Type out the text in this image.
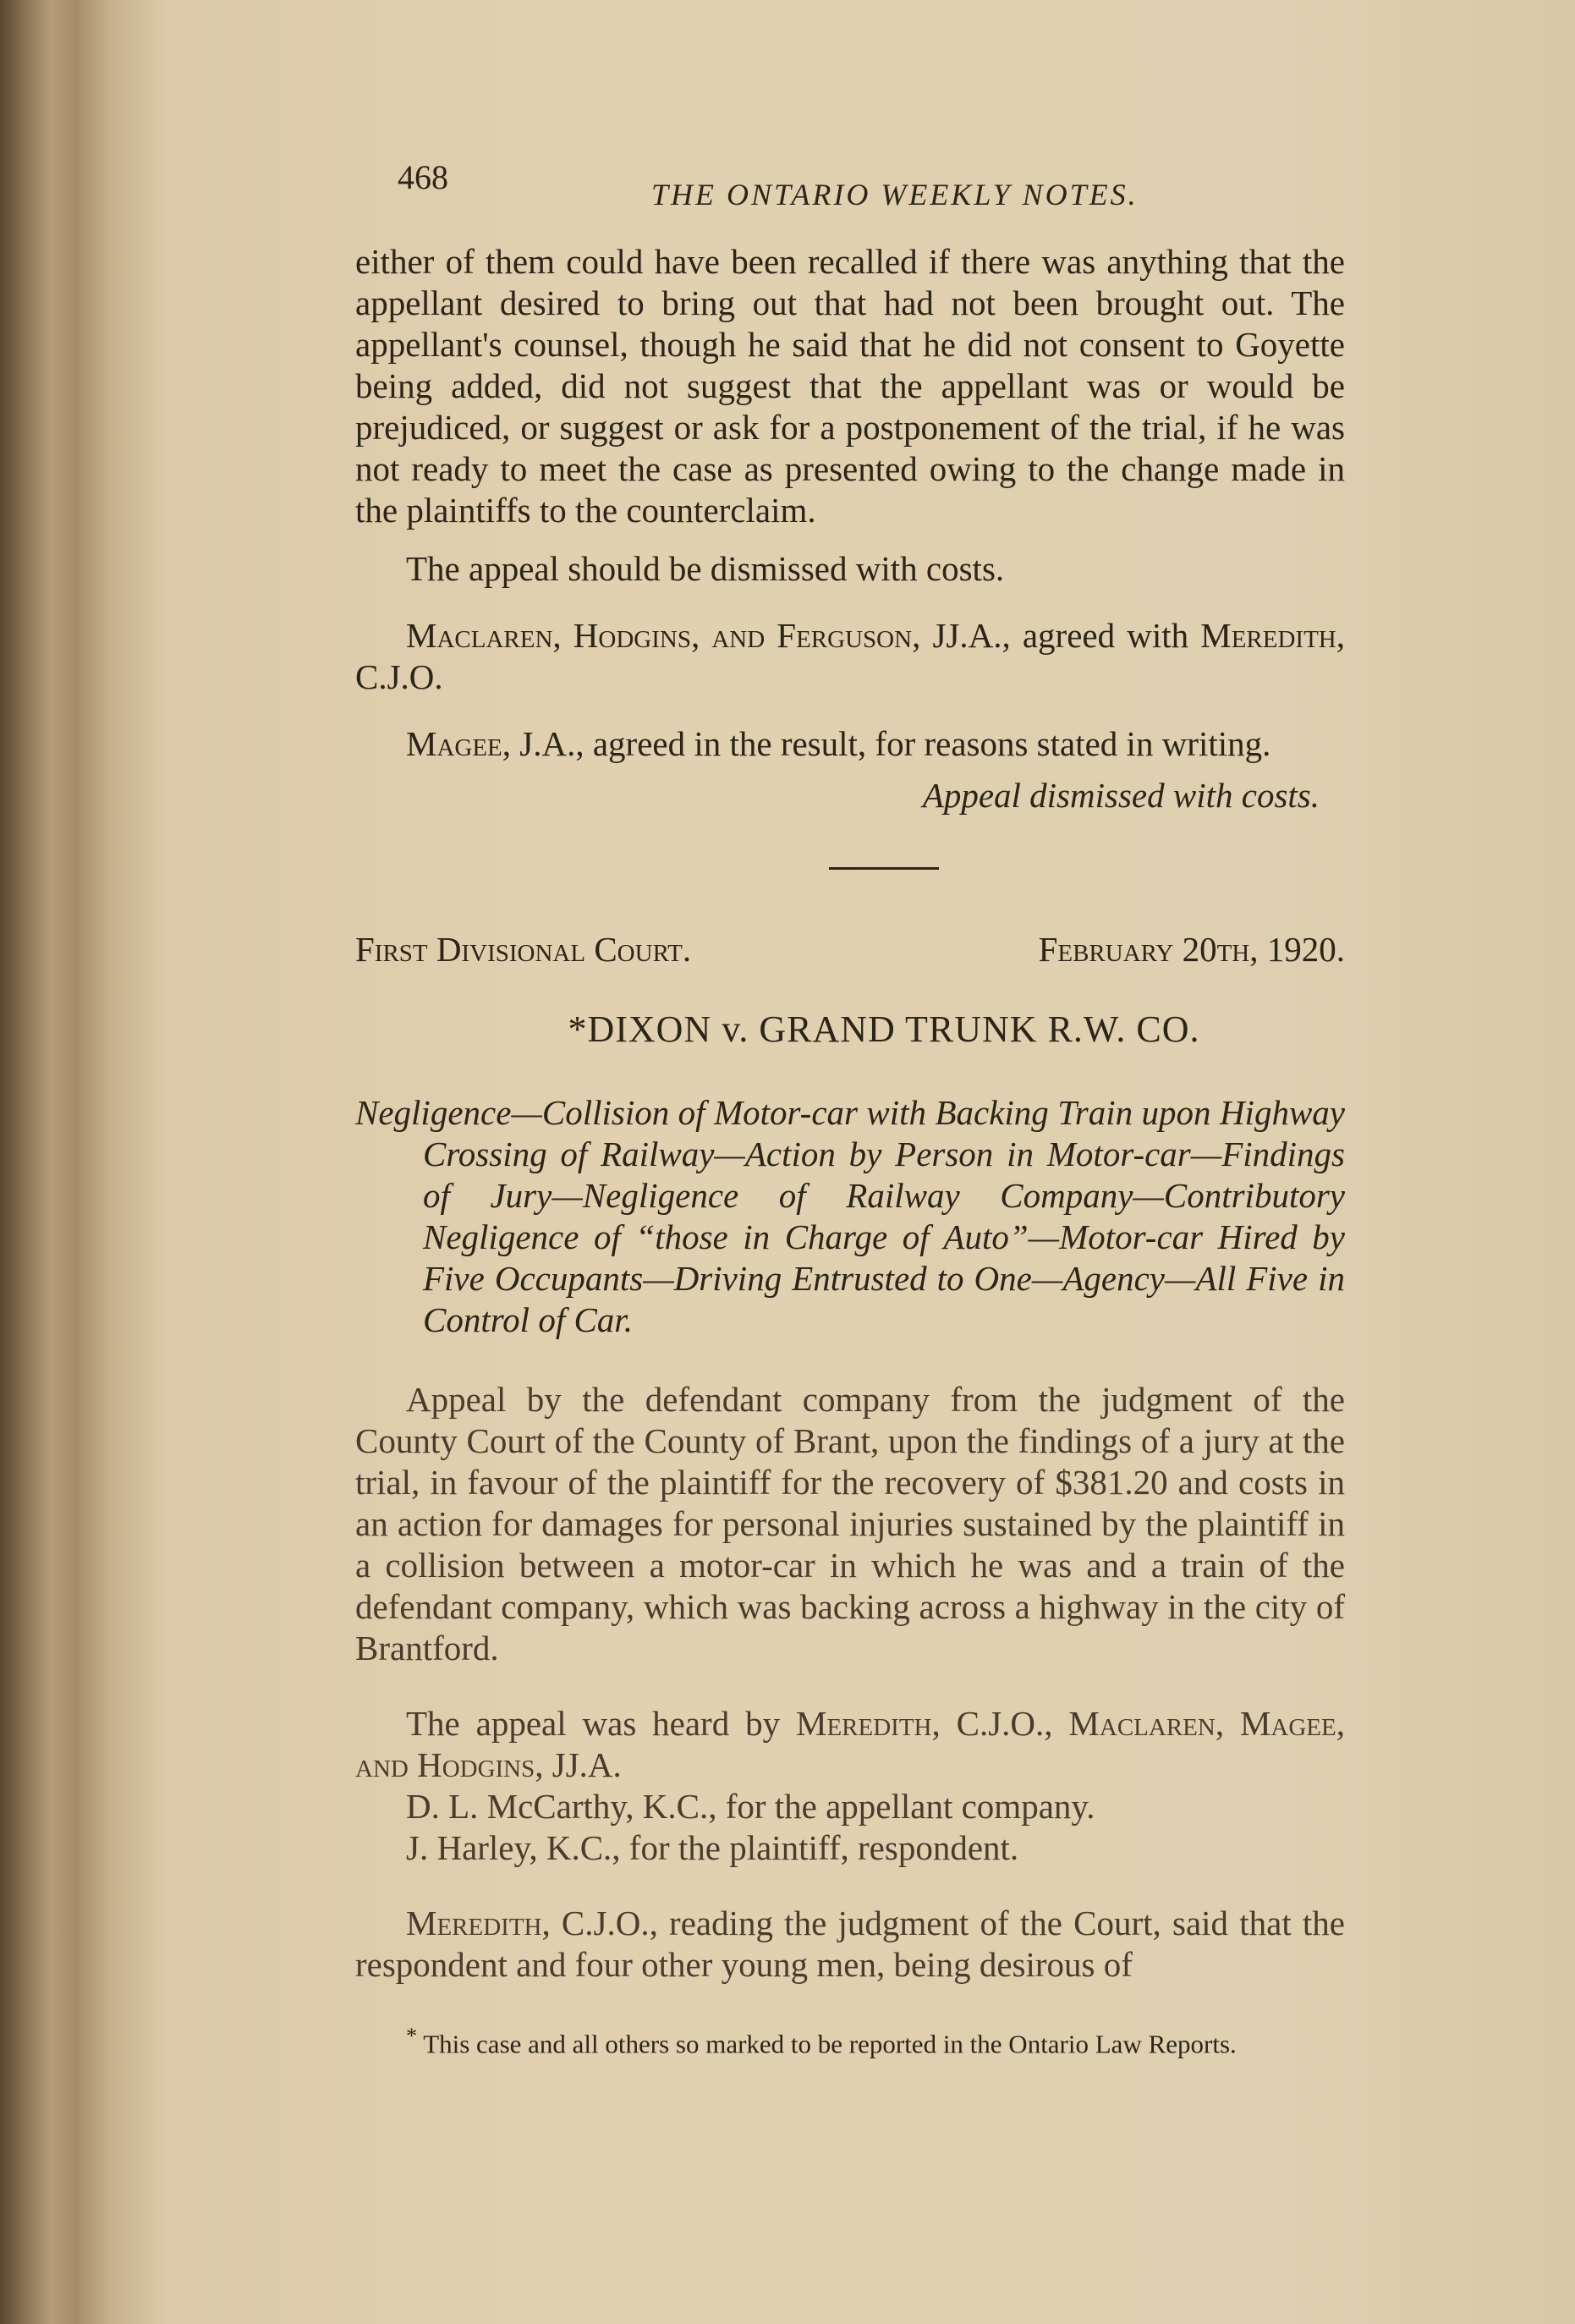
468	THE ONTARIO WEEKLY NOTES.

either of them could have been recalled if there was anything that the appellant desired to bring out that had not been brought out. The appellant's counsel, though he said that he did not consent to Goyette being added, did not suggest that the appellant was or would be prejudiced, or suggest or ask for a postponement of the trial, if he was not ready to meet the case as presented owing to the change made in the plaintiffs to the counterclaim.

The appeal should be dismissed with costs.

Maclaren, Hodgins, and Ferguson, JJ.A., agreed with Meredith, C.J.O.

Magee, J.A., agreed in the result, for reasons stated in writing.

Appeal dismissed with costs.

First Divisional Court.	February 20th, 1920.
*DIXON v. GRAND TRUNK R.W. CO.

Negligence—Collision of Motor-car with Backing Train upon Highway Crossing of Railway—Action by Person in Motor-car—Findings of Jury—Negligence of Railway Company—Contributory Negligence of “those in Charge of Auto”—Motor-car Hired by Five Occupants—Driving Entrusted to One—Agency—All Five in Control of Car.

Appeal by the defendant company from the judgment of the County Court of the County of Brant, upon the findings of a jury at the trial, in favour of the plaintiff for the recovery of $381.20 and costs in an action for damages for personal injuries sustained by the plaintiff in a collision between a motor-car in which he was and a train of the defendant company, which was backing across a highway in the city of Brantford.

The appeal was heard by Meredith, C.J.O., Maclaren, Magee, and Hodgins, JJ.A.

D. L. McCarthy, K.C., for the appellant company.

J. Harley, K.C., for the plaintiff, respondent.

Meredith, C.J.O., reading the judgment of the Court, said that the respondent and four other young men, being desirous of

* This case and all others so marked to be reported in the Ontario Law Reports.
